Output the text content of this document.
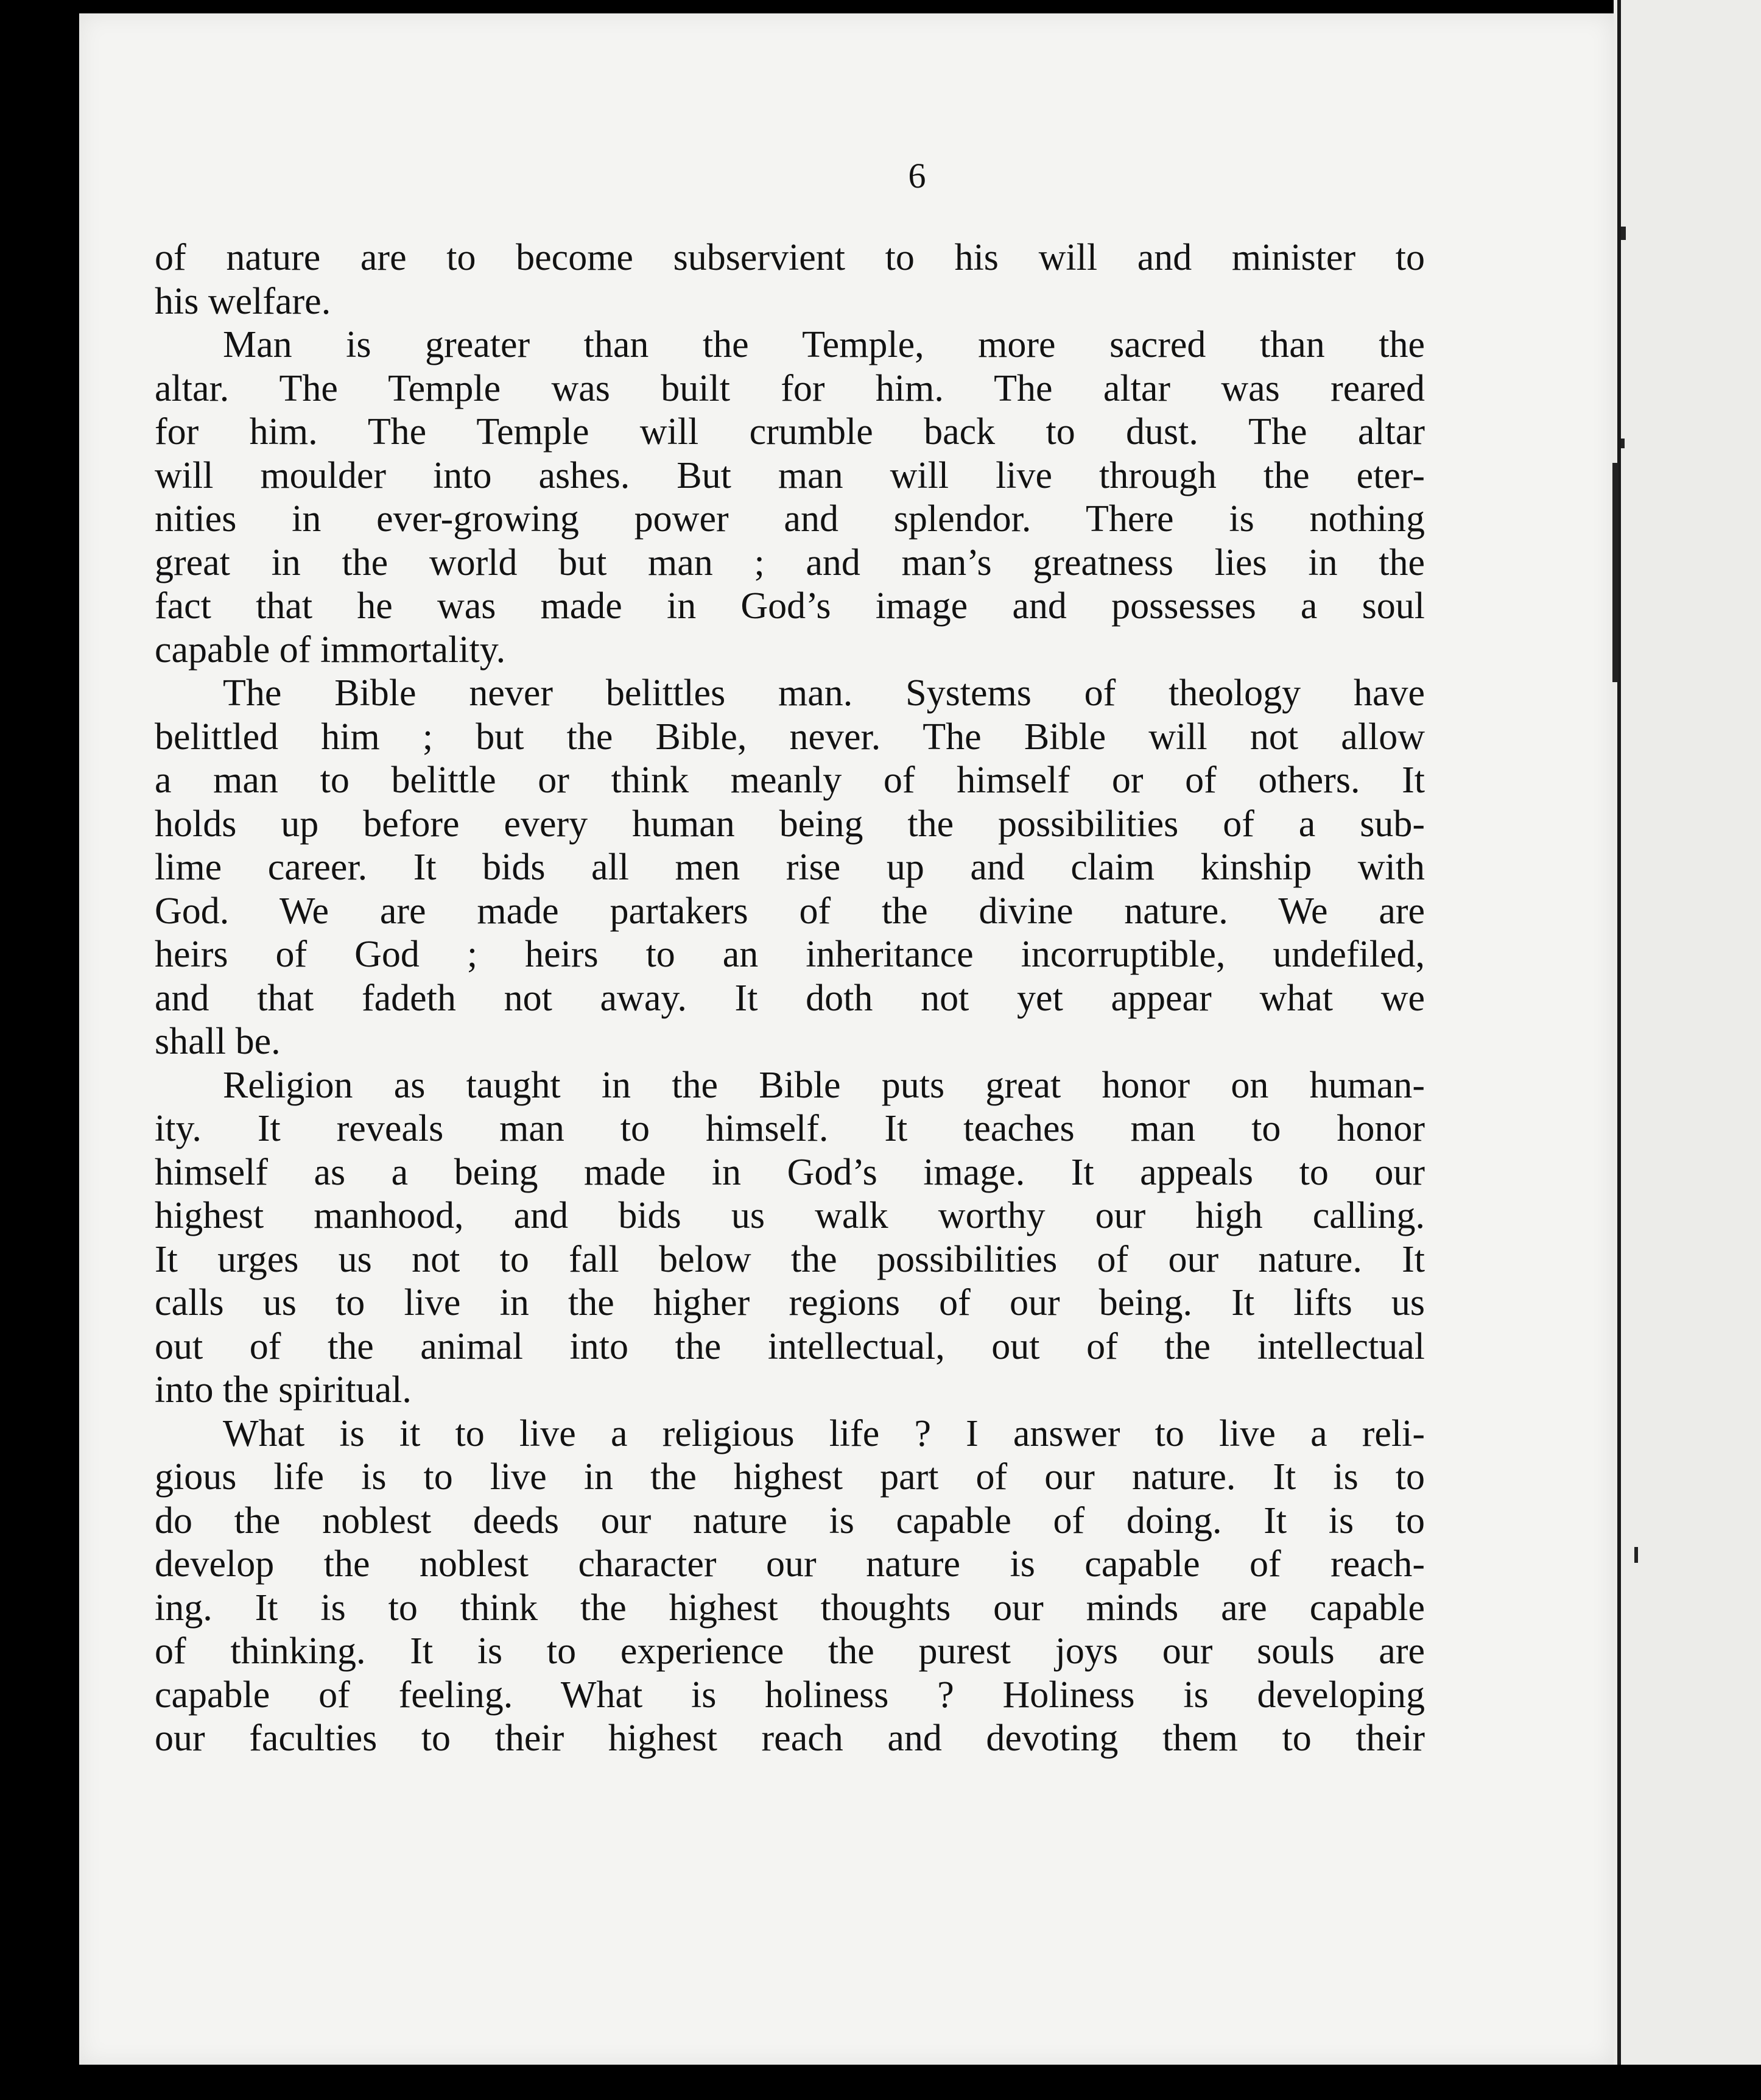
6
of nature are to become subservient to his will and minister to
his welfare.
Man is greater than the Temple, more sacred than the
altar. The Temple was built for him. The altar was reared
for him. The Temple will crumble back to dust. The altar
will moulder into ashes. But man will live through the eter-
nities in ever-growing power and splendor. There is nothing
great in the world but man ; and man’s greatness lies in the
fact that he was made in God’s image and possesses a soul
capable of immortality.
The Bible never belittles man. Systems of theology have
belittled him ; but the Bible, never. The Bible will not allow
a man to belittle or think meanly of himself or of others. It
holds up before every human being the possibilities of a sub-
lime career. It bids all men rise up and claim kinship with
God. We are made partakers of the divine nature. We are
heirs of God ; heirs to an inheritance incorruptible, undefiled,
and that fadeth not away. It doth not yet appear what we
shall be.
Religion as taught in the Bible puts great honor on human-
ity. It reveals man to himself. It teaches man to honor
himself as a being made in God’s image. It appeals to our
highest manhood, and bids us walk worthy our high calling.
It urges us not to fall below the possibilities of our nature. It
calls us to live in the higher regions of our being. It lifts us
out of the animal into the intellectual, out of the intellectual
into the spiritual.
What is it to live a religious life ? I answer to live a reli-
gious life is to live in the highest part of our nature. It is to
do the noblest deeds our nature is capable of doing. It is to
develop the noblest character our nature is capable of reach-
ing. It is to think the highest thoughts our minds are capable
of thinking. It is to experience the purest joys our souls are
capable of feeling. What is holiness ? Holiness is developing
our faculties to their highest reach and devoting them to their
